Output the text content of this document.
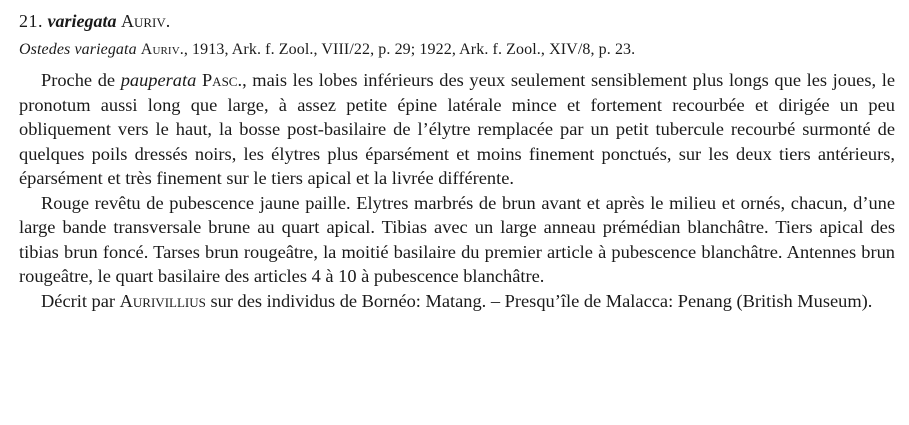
21. variegata Auriv.

Ostedes variegata Auriv., 1913, Ark. f. Zool., VIII/22, p. 29; 1922, Ark. f. Zool., XIV/8, p. 23.

Proche de pauperata Pasc., mais les lobes inférieurs des yeux seulement sensiblement plus longs que les joues, le pronotum aussi long que large, à assez petite épine latérale mince et fortement recourbée et dirigée un peu obliquement vers le haut, la bosse post-basilaire de l’élytre remplacée par un petit tubercule recourbé surmonté de quelques poils dressés noirs, les élytres plus éparsément et moins finement ponctués, sur les deux tiers antérieurs, éparsément et très finement sur le tiers apical et la livrée différente.

Rouge revêtu de pubescence jaune paille. Elytres marbrés de brun avant et après le milieu et ornés, chacun, d’une large bande transversale brune au quart apical. Tibias avec un large anneau prémédian blanchâtre. Tiers apical des tibias brun foncé. Tarses brun rougeâtre, la moitié basilaire du premier article à pubescence blanchâtre. Antennes brun rougeâtre, le quart basilaire des articles 4 à 10 à pubescence blanchâtre.

Décrit par Aurivillius sur des individus de Bornéo: Matang. – Presqu’île de Malacca: Penang (British Museum).
